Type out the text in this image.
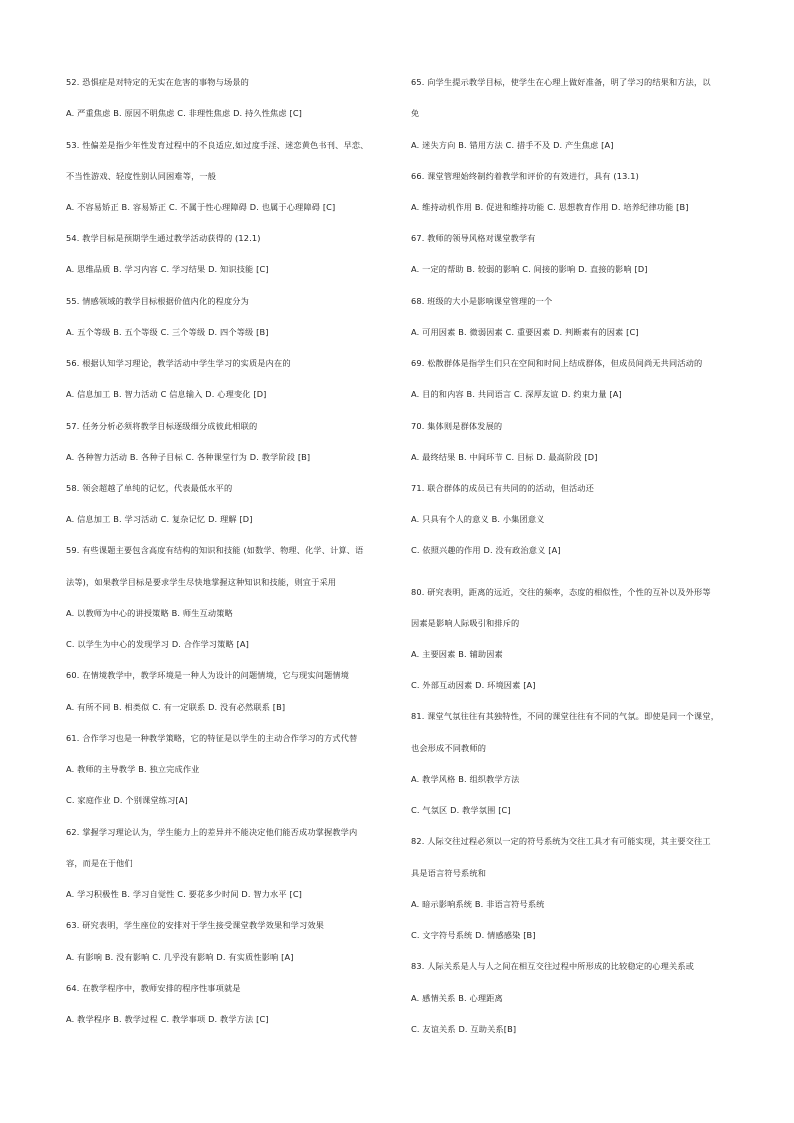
52. 恐惧症是对特定的无实在危害的事物与场景的
A. 严重焦虑 B. 原因不明焦虑 C. 非理性焦虑 D. 持久性焦虑 [C]
53. 性偏差是指少年性发育过程中的不良适应,如过度手淫、迷恋黄色书刊、早恋、
不当性游戏、轻度性别认同困难等，一般
A. 不容易矫正 B. 容易矫正 C. 不属于性心理障碍 D. 也属于心理障碍 [C]
54. 教学目标是预期学生通过教学活动获得的 (12.1)
A. 思维品质 B. 学习内容 C. 学习结果 D. 知识技能 [C]
55. 情感领域的教学目标根据价值内化的程度分为
A. 五个等级 B. 五个等级 C. 三个等级 D. 四个等级 [B]
56. 根据认知学习理论，教学活动中学生学习的实质是内在的
A. 信息加工 B. 智力活动 C 信息输入 D. 心理变化 [D]
57. 任务分析必须将教学目标逐级细分成彼此相联的
A. 各种智力活动 B. 各种子目标 C. 各种课堂行为 D. 教学阶段 [B]
58. 领会超越了单纯的记忆，代表最低水平的
A. 信息加工 B. 学习活动 C. 复杂记忆 D. 理解 [D]
59. 有些课题主要包含高度有结构的知识和技能 (如数学、物理、化学、计算、语
法等)，如果教学目标是要求学生尽快地掌握这种知识和技能，则宜于采用
A. 以教师为中心的讲授策略 B. 师生互动策略
C. 以学生为中心的发现学习 D. 合作学习策略 [A]
60. 在情境教学中，教学环境是一种人为设计的问题情境，它与现实问题情境
A. 有所不同 B. 相类似 C. 有一定联系 D. 没有必然联系 [B]
61. 合作学习也是一种教学策略，它的特征是以学生的主动合作学习的方式代替
A. 教师的主导教学 B. 独立完成作业
C. 家庭作业 D. 个别课堂练习[A]
62. 掌握学习理论认为，学生能力上的差异并不能决定他们能否成功掌握教学内
容，而是在于他们
A. 学习积极性 B. 学习自觉性 C. 要花多少时间 D. 智力水平 [C]
63. 研究表明，学生座位的安排对于学生接受课堂教学效果和学习效果
A. 有影响 B. 没有影响 C. 几乎没有影响 D. 有实质性影响 [A]
64. 在教学程序中，教师安排的程序性事项就是
A. 教学程序 B. 教学过程 C. 教学事项 D. 教学方法 [C]
65. 向学生提示教学目标，使学生在心理上做好准备，明了学习的结果和方法，以
免
A. 迷失方向 B. 错用方法 C. 措手不及 D. 产生焦虑 [A]
66. 课堂管理始终制约着教学和评价的有效进行，具有 (13.1)
A. 维持动机作用 B. 促进和维持功能 C. 思想教育作用 D. 培养纪律功能 [B]
67. 教师的领导风格对课堂教学有
A. 一定的帮助 B. 较弱的影响 C. 间接的影响 D. 直接的影响 [D]
68. 班级的大小是影响课堂管理的一个
A. 可用因素 B. 微弱因素 C. 重要因素 D. 判断素有的因素 [C]
69. 松散群体是指学生们只在空间和时间上结成群体，但成员间尚无共同活动的
A. 目的和内容 B. 共同语言 C. 深厚友谊 D. 约束力量 [A]
70. 集体则是群体发展的
A. 最终结果 B. 中间环节 C. 目标 D. 最高阶段 [D]
71. 联合群体的成员已有共同的的活动，但活动还
A. 只具有个人的意义 B. 小集团意义
C. 依照兴趣的作用 D. 没有政治意义 [A]
80. 研究表明，距离的远近，交往的频率，态度的相似性，个性的互补以及外形等
因素是影响人际吸引和排斥的
A. 主要因素 B. 辅助因素
C. 外部互动因素 D. 环境因素 [A]
81. 课堂气氛往往有其独特性，不同的课堂往往有不同的气氛。即使是同一个课堂，
也会形成不同教师的
A. 教学风格 B. 组织教学方法
C. 气氛区 D. 教学氛围 [C]
82. 人际交往过程必须以一定的符号系统为交往工具才有可能实现，其主要交往工
具是语言符号系统和
A. 暗示影响系统 B. 非语言符号系统
C. 文字符号系统 D. 情感感染 [B]
83. 人际关系是人与人之间在相互交往过程中所形成的比较稳定的心理关系或
A. 感情关系 B. 心理距离
C. 友谊关系 D. 互助关系[B]
